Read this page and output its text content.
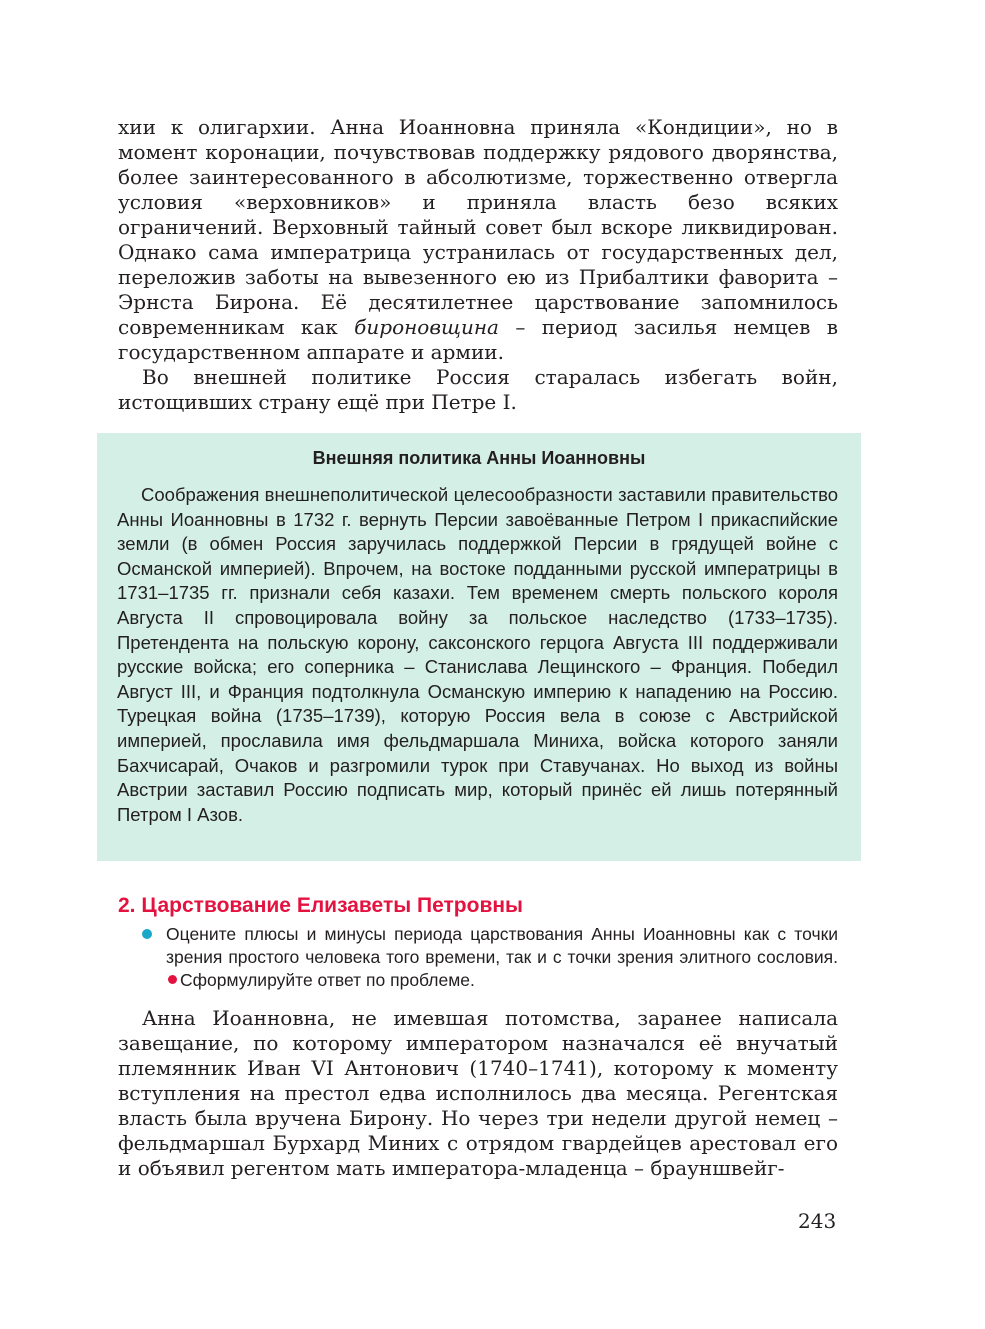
хии к олигархии. Анна Иоанновна приняла «Кондиции», но в момент коронации, почувствовав поддержку рядового дворянства, более заинтересованного в абсолютизме, торжественно отвергла условия «верховников» и приняла власть безо всяких ограничений. Верховный тайный совет был вскоре ликвидирован. Однако сама императрица устранилась от государственных дел, переложив заботы на вывезенного ею из Прибалтики фаворита – Эрнста Бирона. Её десятилетнее царствование запомнилось современникам как бироновщина – период засилья немцев в государственном аппарате и армии.

Во внешней политике Россия старалась избегать войн, истощивших страну ещё при Петре I.

Внешняя политика Анны Иоанновны

Соображения внешнеполитической целесообразности заставили правительство Анны Иоанновны в 1732 г. вернуть Персии завоёванные Петром I прикаспийские земли (в обмен Россия заручилась поддержкой Персии в грядущей войне с Османской империей). Впрочем, на востоке подданными русской императрицы в 1731–1735 гг. признали себя казахи. Тем временем смерть польского короля Августа II спровоцировала войну за польское наследство (1733–1735). Претендента на польскую корону, саксонского герцога Августа III поддерживали русские войска; его соперника – Станислава Лещинского – Франция. Победил Август III, и Франция подтолкнула Османскую империю к нападению на Россию. Турецкая война (1735–1739), которую Россия вела в союзе с Австрийской империей, прославила имя фельдмаршала Миниха, войска которого заняли Бахчисарай, Очаков и разгромили турок при Ставучанах. Но выход из войны Австрии заставил Россию подписать мир, который принёс ей лишь потерянный Петром I Азов.

2. Царствование Елизаветы Петровны

Оцените плюсы и минусы периода царствования Анны Иоанновны как с точки зрения простого человека того времени, так и с точки зрения элитного сословия. Сформулируйте ответ по проблеме.

Анна Иоанновна, не имевшая потомства, заранее написала завещание, по которому императором назначался её внучатый племянник Иван VI Антонович (1740–1741), которому к моменту вступления на престол едва исполнилось два месяца. Регентская власть была вручена Бирону. Но через три недели другой немец – фельдмаршал Бурхард Миних с отрядом гвардейцев арестовал его и объявил регентом мать императора-младенца – брауншвейг-

243
